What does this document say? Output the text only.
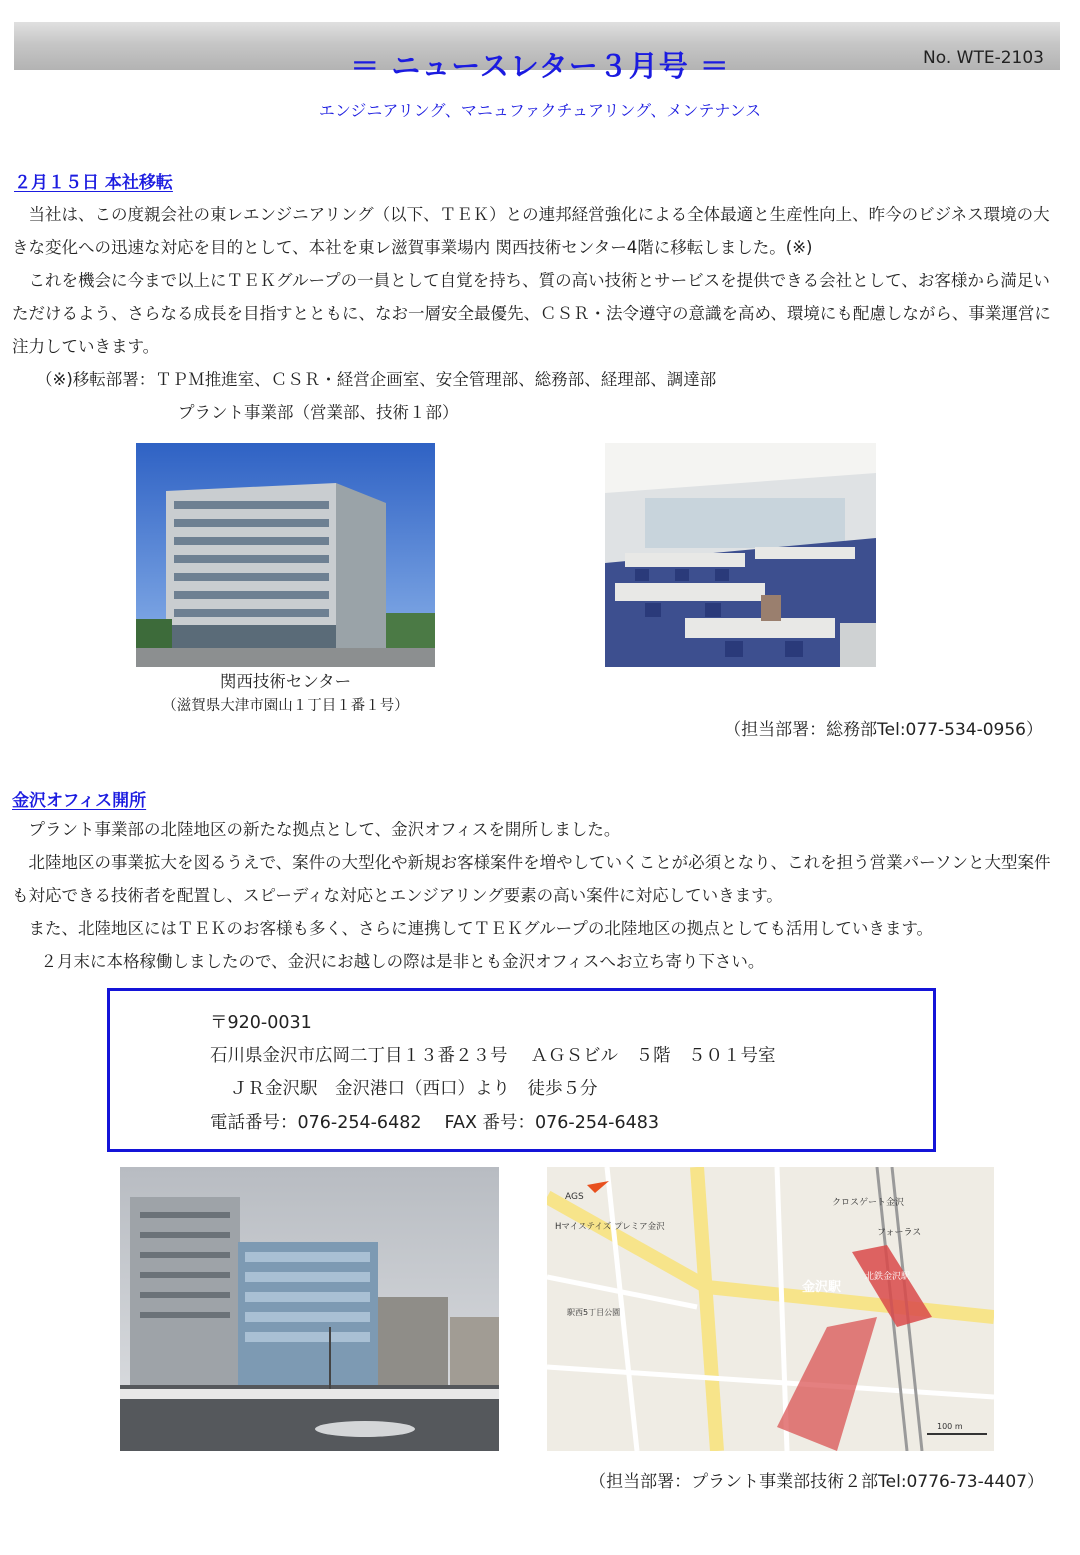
＝ ニュースレター３月号 ＝	No. WTE-2103
エンジニアリング、マニュファクチュアリング、メンテナンス
２月１５日 本社移転

当社は、この度親会社の東レエンジニアリング（以下、ＴＥＫ）との連邦経営強化による全体最適と生産性向上、昨今のビジネス環境の大きな変化への迅速な対応を目的として、本社を東レ滋賀事業場内 関西技術センター4階に移転しました。(※)

これを機会に今まで以上にＴＥＫグループの一員として自覚を持ち、質の高い技術とサービスを提供できる会社として、お客様から満足いただけるよう、さらなる成長を目指すとともに、なお一層安全最優先、ＣＳＲ・法令遵守の意識を高め、環境にも配慮しながら、事業運営に注力していきます。

（※)移転部署：ＴＰＭ推進室、ＣＳＲ・経営企画室、安全管理部、総務部、経理部、調達部
プラント事業部（営業部、技術１部）
関西技術センター
（滋賀県大津市園山１丁目１番１号）
（担当部署：総務部Tel:077-534-0956）
金沢オフィス開所

プラント事業部の北陸地区の新たな拠点として、金沢オフィスを開所しました。

北陸地区の事業拡大を図るうえで、案件の大型化や新規お客様案件を増やしていくことが必須となり、これを担う営業パーソンと大型案件も対応できる技術者を配置し、スピーディな対応とエンジアリング要素の高い案件に対応していきます。

また、北陸地区にはＴＥＫのお客様も多く、さらに連携してＴＥＫグループの北陸地区の拠点としても活用していきます。

２月末に本格稼働しましたので、金沢にお越しの際は是非とも金沢オフィスへお立ち寄り下さい。

〒920-0031
石川県金沢市広岡二丁目１３番２３号　 ＡＧＳビル　５階　５０１号室
ＪＲ金沢駅　金沢港口（西口）より　徒歩５分
電話番号：076-254-6482　 FAX 番号：076-254-6483
AGS
Hマイステイズ プレミア金沢
駅西5丁目公園
クロスゲート金沢
フォーラス
金沢駅
北鉄金沢駅
100 m
（担当部署：プラント事業部技術２部Tel:0776-73-4407）
